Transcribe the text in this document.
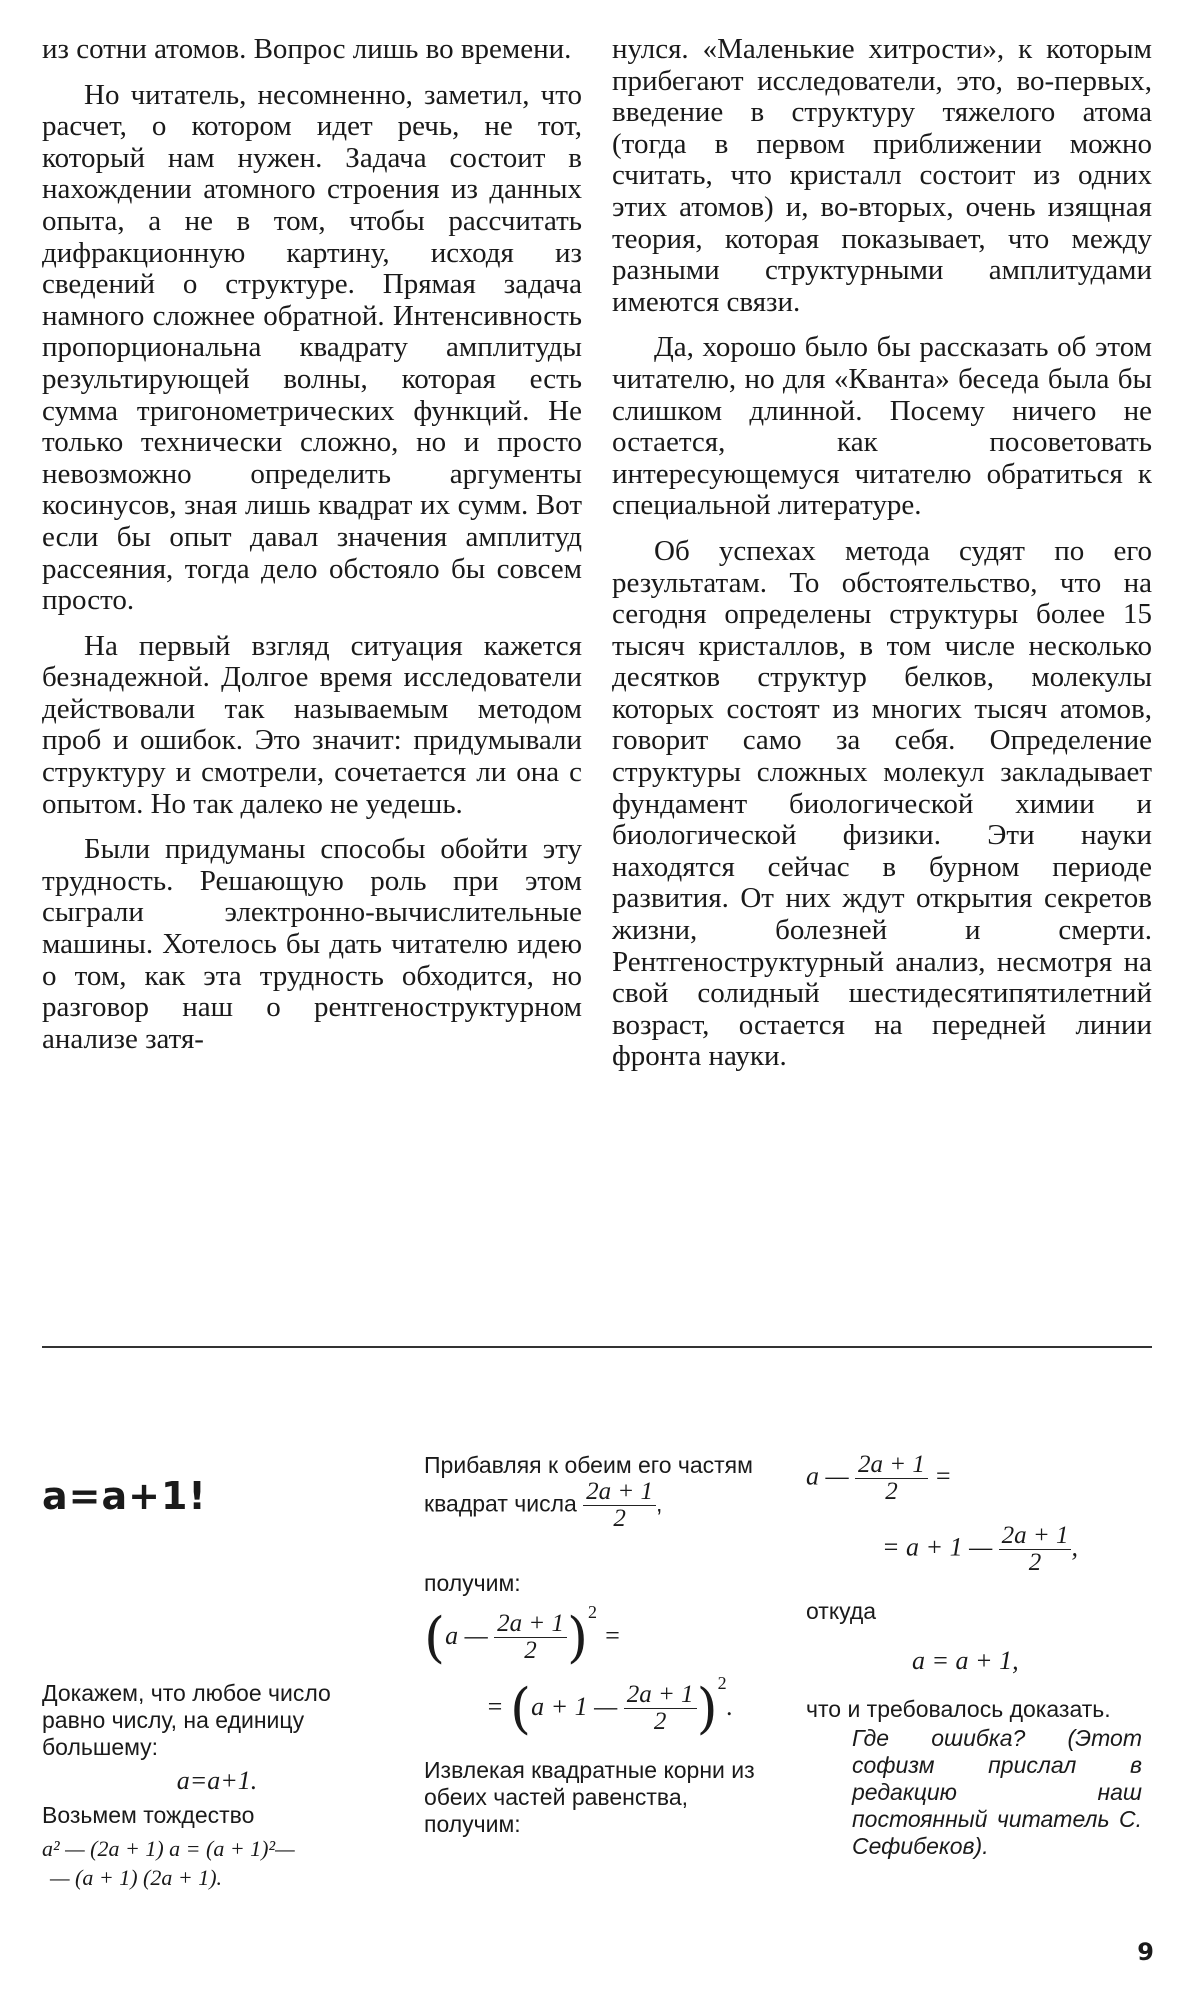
из сотни атомов. Вопрос лишь во времени.

Но читатель, несомненно, заметил, что расчет, о котором идет речь, не тот, который нам нужен. Задача состоит в нахождении атомного строения из данных опыта, а не в том, чтобы рассчитать дифракционную картину, исходя из сведений о структуре. Прямая задача намного сложнее обратной. Интенсивность пропорциональна квадрату амплитуды результирующей волны, которая есть сумма тригонометрических функций. Не только технически сложно, но и просто невозможно определить аргументы косинусов, зная лишь квадрат их сумм. Вот если бы опыт давал значения амплитуд рассеяния, тогда дело обстояло бы совсем просто.

На первый взгляд ситуация кажется безнадежной. Долгое время исследователи действовали так называемым методом проб и ошибок. Это значит: придумывали структуру и смотрели, сочетается ли она с опытом. Но так далеко не уедешь.

Были придуманы способы обойти эту трудность. Решающую роль при этом сыграли электронно-вычислительные машины. Хотелось бы дать читателю идею о том, как эта трудность обходится, но разговор наш о рентгеноструктурном анализе затя-

нулся. «Маленькие хитрости», к которым прибегают исследователи, это, во-первых, введение в структуру тяжелого атома (тогда в первом приближении можно считать, что кристалл состоит из одних этих атомов) и, во-вторых, очень изящная теория, которая показывает, что между разными структурными амплитудами имеются связи.

Да, хорошо было бы рассказать об этом читателю, но для «Кванта» беседа была бы слишком длинной. Посему ничего не остается, как посоветовать интересующемуся читателю обратиться к специальной литературе.

Об успехах метода судят по его результатам. То обстоятельство, что на сегодня определены структуры более 15 тысяч кристаллов, в том числе несколько десятков структур белков, молекулы которых состоят из многих тысяч атомов, говорит само за себя. Определение структуры сложных молекул закладывает фундамент биологической химии и биологической физики. Эти науки находятся сейчас в бурном периоде развития. От них ждут открытия секретов жизни, болезней и смерти. Рентгеноструктурный анализ, несмотря на свой солидный шестидесятипятилетний возраст, остается на передней линии фронта науки.

a=a+1!
Докажем, что любое число равно числу, на единицу большему:
a=a+1.
Возьмем тождество
a² — (2a + 1) a = (a + 1)²—
— (a + 1) (2a + 1).
Прибавляя к обеим его частям квадрат числа $\frac{2a + 1}{2}$ ,
получим:
(a — $\frac{2a + 1}{2} )^2$ =
= (a + 1 — $\frac{2a + 1}{2} )^2$.
Извлекая квадратные корни из обеих частей равенства, получим:
a — $\frac{2a + 1}{2}$ =
= a + 1 — $\frac{2a + 1}{2}$ ,
откуда
a = a + 1,
что и требовалось доказать.
Где ошибка? (Этот софизм прислал в редакцию наш постоянный читатель С. Сефибеков).
9
